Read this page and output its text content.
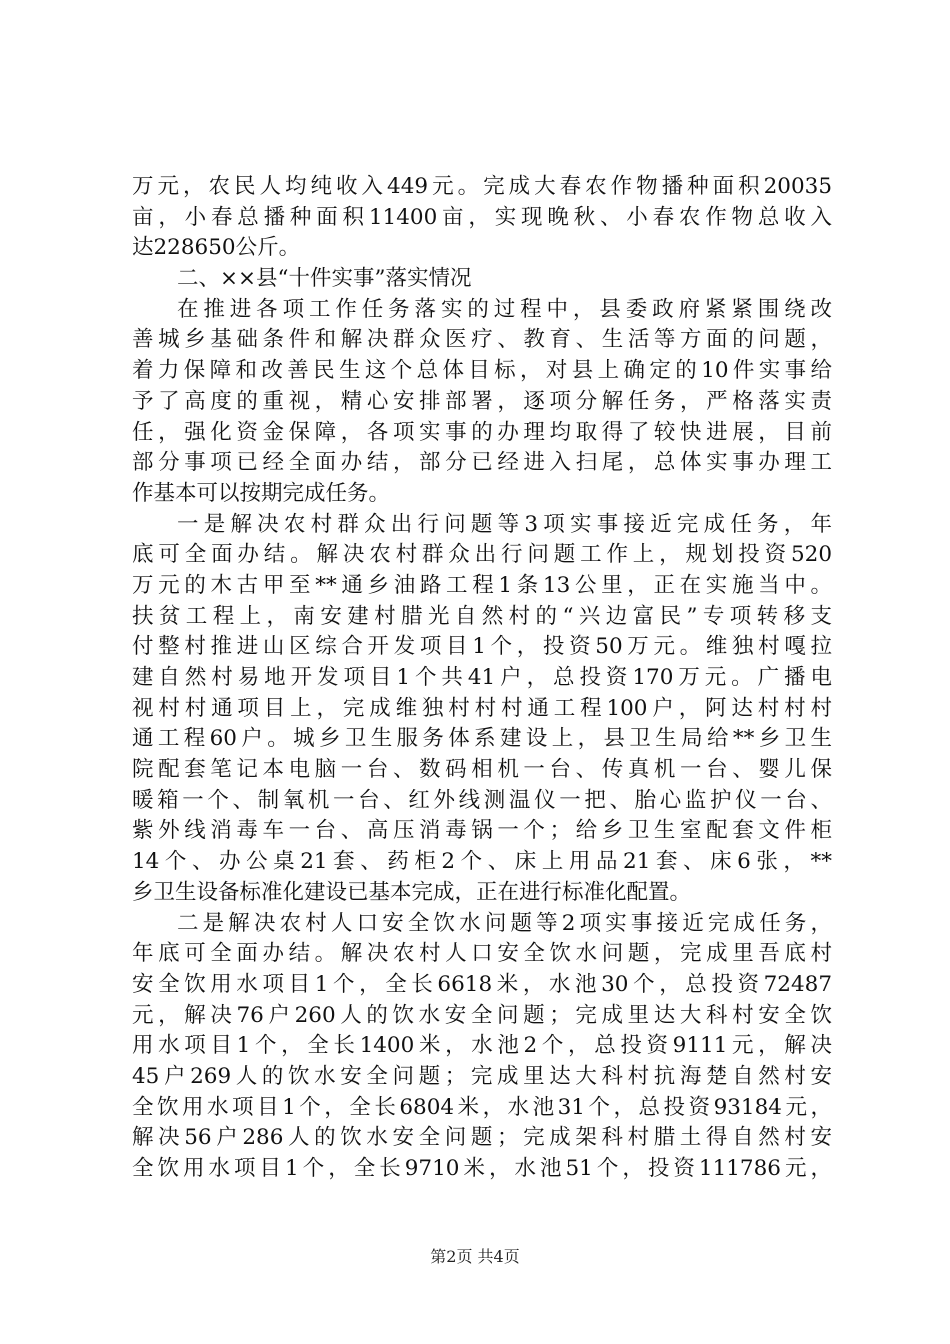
万元，农民人均纯收入449元。完成大春农作物播种面积20035
亩，小春总播种面积11400亩，实现晚秋、小春农作物总收入
达228650公斤。
二、××县“十件实事”落实情况
在推进各项工作任务落实的过程中，县委政府紧紧围绕改
善城乡基础条件和解决群众医疗、教育、生活等方面的问题，
着力保障和改善民生这个总体目标，对县上确定的10件实事给
予了高度的重视，精心安排部署，逐项分解任务，严格落实责
任，强化资金保障，各项实事的办理均取得了较快进展，目前
部分事项已经全面办结，部分已经进入扫尾，总体实事办理工
作基本可以按期完成任务。
一是解决农村群众出行问题等3项实事接近完成任务，年
底可全面办结。解决农村群众出行问题工作上，规划投资520
万元的木古甲至**通乡油路工程1条13公里，正在实施当中。
扶贫工程上，南安建村腊光自然村的“兴边富民”专项转移支
付整村推进山区综合开发项目1个，投资50万元。维独村嘎拉
建自然村易地开发项目1个共41户，总投资170万元。广播电
视村村通项目上，完成维独村村村通工程100户，阿达村村村
通工程60户。城乡卫生服务体系建设上，县卫生局给**乡卫生
院配套笔记本电脑一台、数码相机一台、传真机一台、婴儿保
暖箱一个、制氧机一台、红外线测温仪一把、胎心监护仪一台、
紫外线消毒车一台、高压消毒锅一个；给乡卫生室配套文件柜
14个、办公桌21套、药柜2个、床上用品21套、床6张，**
乡卫生设备标准化建设已基本完成，正在进行标准化配置。
二是解决农村人口安全饮水问题等2项实事接近完成任务，
年底可全面办结。解决农村人口安全饮水问题，完成里吾底村
安全饮用水项目1个，全长6618米，水池30个，总投资72487
元，解决76户260人的饮水安全问题；完成里达大科村安全饮
用水项目1个，全长1400米，水池2个，总投资9111元，解决
45户269人的饮水安全问题；完成里达大科村抗海楚自然村安
全饮用水项目1个，全长6804米，水池31个，总投资93184元，
解决56户286人的饮水安全问题；完成架科村腊土得自然村安
全饮用水项目1个，全长9710米，水池51个，投资111786元，
第2页 共4页
